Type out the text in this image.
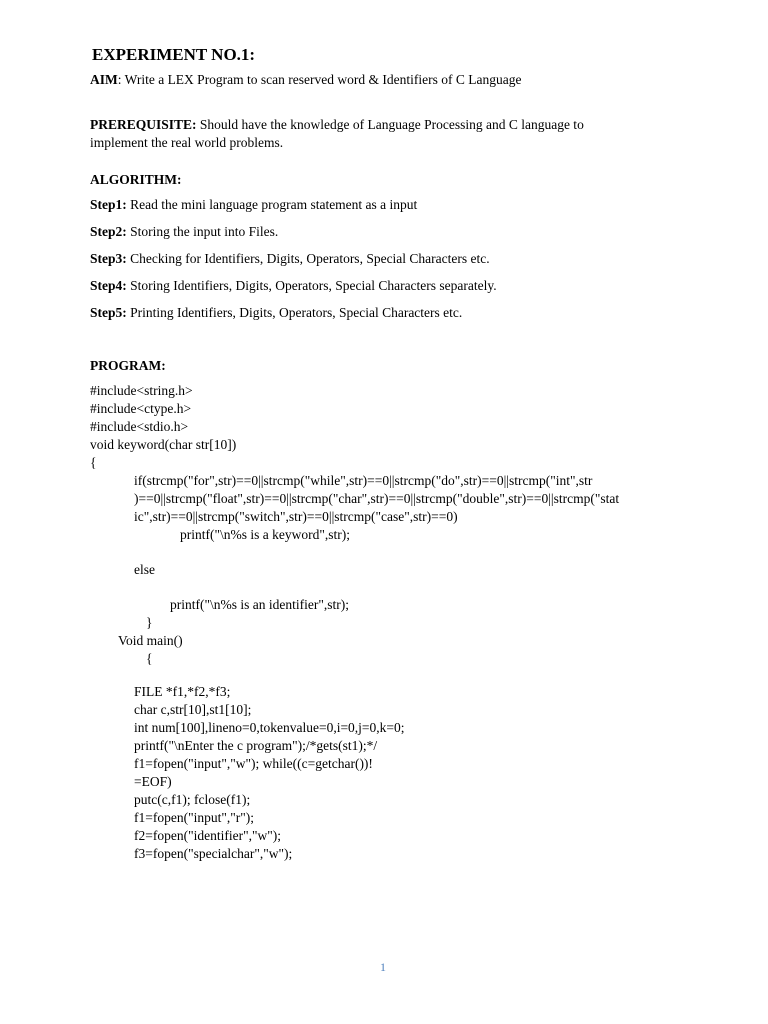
EXPERIMENT NO.1:
AIM: Write a LEX Program to scan reserved word & Identifiers of C Language
PREREQUISITE: Should have the knowledge of Language Processing and C language to
implement the real world problems.
ALGORITHM:
Step1: Read the mini language program statement as a input
Step2: Storing the input into Files.
Step3: Checking for Identifiers, Digits, Operators, Special Characters etc.
Step4: Storing Identifiers, Digits, Operators, Special Characters separately.
Step5: Printing Identifiers, Digits, Operators, Special Characters etc.
PROGRAM:
#include<string.h>
#include<ctype.h>
#include<stdio.h>
void keyword(char str[10])
{
if(strcmp("for",str)==0||strcmp("while",str)==0||strcmp("do",str)==0||strcmp("int",str
)==0||strcmp("float",str)==0||strcmp("char",str)==0||strcmp("double",str)==0||strcmp("stat
ic",str)==0||strcmp("switch",str)==0||strcmp("case",str)==0)
printf("\n%s is a keyword",str);
else
printf("\n%s is an identifier",str);
}
Void main()
{
FILE *f1,*f2,*f3;
char c,str[10],st1[10];
int num[100],lineno=0,tokenvalue=0,i=0,j=0,k=0;
printf("\nEnter the c program");/*gets(st1);*/
f1=fopen("input","w"); while((c=getchar())!
=EOF)
putc(c,f1); fclose(f1);
f1=fopen("input","r");
f2=fopen("identifier","w");
f3=fopen("specialchar","w");
1
